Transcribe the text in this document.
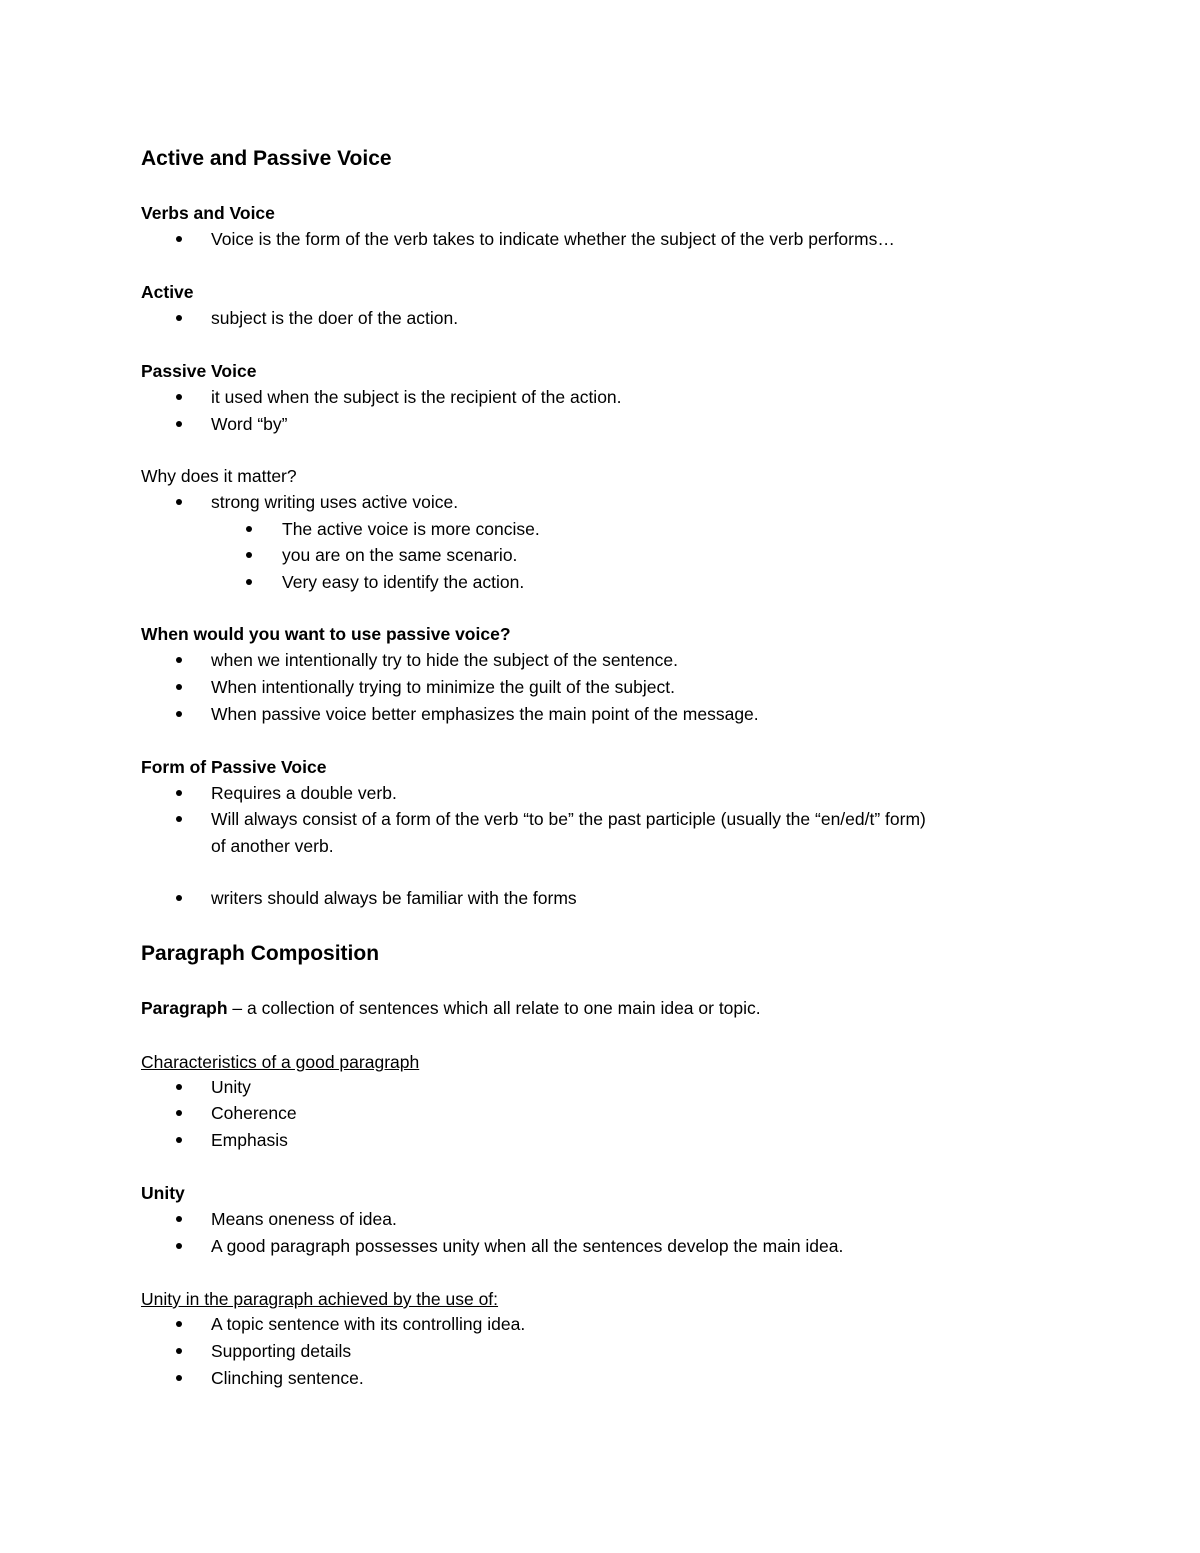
Active and Passive Voice
Verbs and Voice
Voice is the form of the verb takes to indicate whether the subject of the verb performs…
Active
subject is the doer of the action.
Passive Voice
it used when the subject is the recipient of the action.
Word “by”
Why does it matter?
strong writing uses active voice.
The active voice is more concise.
you are on the same scenario.
Very easy to identify the action.
When would you want to use passive voice?
when we intentionally try to hide the subject of the sentence.
When intentionally trying to minimize the guilt of the subject.
When passive voice better emphasizes the main point of the message.
Form of Passive Voice
Requires a double verb.
Will always consist of a form of the verb “to be” the past participle (usually the “en/ed/t” form)
of another verb.
writers should always be familiar with the forms
Paragraph Composition
Paragraph – a collection of sentences which all relate to one main idea or topic.
Characteristics of a good paragraph
Unity
Coherence
Emphasis
Unity
Means oneness of idea.
A good paragraph possesses unity when all the sentences develop the main idea.
Unity in the paragraph achieved by the use of:
A topic sentence with its controlling idea.
Supporting details
Clinching sentence.
